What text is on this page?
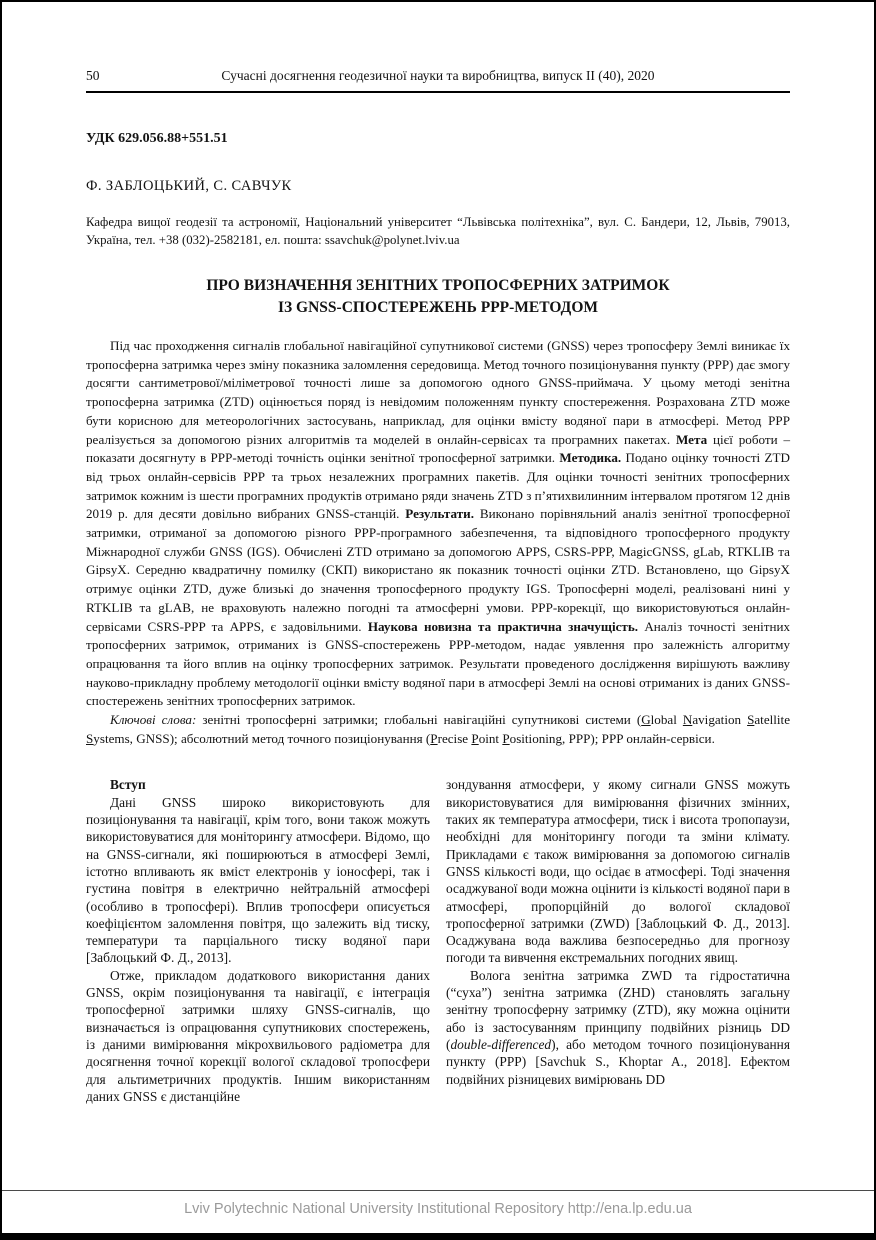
50	Сучасні досягнення геодезичної науки та виробництва, випуск ІІ (40), 2020
УДК 629.056.88+551.51
Ф. ЗАБЛОЦЬКИЙ, С. САВЧУК
Кафедра вищої геодезії та астрономії, Національний університет “Львівська політехніка”, вул. С. Бандери, 12, Львів, 79013, Україна, тел. +38 (032)-2582181, ел. пошта: ssavchuk@polynet.lviv.ua
ПРО ВИЗНАЧЕННЯ ЗЕНІТНИХ ТРОПОСФЕРНИХ ЗАТРИМОК
ІЗ GNSS-СПОСТЕРЕЖЕНЬ PPP-МЕТОДОМ

Під час проходження сигналів глобальної навігаційної супутникової системи (GNSS) через тропосферу Землі виникає їх тропосферна затримка через зміну показника заломлення середовища. Метод точного позиціонування пункту (PPP) дає змогу досягти сантиметрової/міліметрової точності лише за допомогою одного GNSS-приймача. У цьому методі зенітна тропосферна затримка (ZTD) оцінюється поряд із невідомим положенням пункту спостереження. Розрахована ZTD може бути корисною для метеорологічних застосувань, наприклад, для оцінки вмісту водяної пари в атмосфері. Метод PPP реалізується за допомогою різних алгоритмів та моделей в онлайн-сервісах та програмних пакетах. Мета цієї роботи – показати досягнуту в PPP-методі точність оцінки зенітної тропосферної затримки. Методика. Подано оцінку точності ZTD від трьох онлайн-сервісів PPP та трьох незалежних програмних пакетів. Для оцінки точності зенітних тропосферних затримок кожним із шести програмних продуктів отримано ряди значень ZTD з п’ятихвилинним інтервалом протягом 12 днів 2019 р. для десяти довільно вибраних GNSS-станцій. Результати. Виконано порівняльний аналіз зенітної тропосферної затримки, отриманої за допомогою різного PPP-програмного забезпечення, та відповідного тропосферного продукту Міжнародної служби GNSS (IGS). Обчислені ZTD отримано за допомогою APPS, CSRS-PPP, MagicGNSS, gLab, RTKLIB та GipsyX. Середню квадратичну помилку (СКП) використано як показник точності оцінки ZTD. Встановлено, що GipsyX отримує оцінки ZTD, дуже близькі до значення тропосферного продукту IGS. Тропосферні моделі, реалізовані нині у RTKLIB та gLAB, не враховують належно погодні та атмосферні умови. PPP-корекції, що використовуються онлайн-сервісами CSRS-PPP та APPS, є задовільними. Наукова новизна та практична значущість. Аналіз точності зенітних тропосферних затримок, отриманих із GNSS-спостережень PPP-методом, надає уявлення про залежність алгоритму опрацювання та його вплив на оцінку тропосферних затримок. Результати проведеного дослідження вирішують важливу науково-прикладну проблему методології оцінки вмісту водяної пари в атмосфері Землі на основі отриманих із даних GNSS-спостережень зенітних тропосферних затримок.

Ключові слова: зенітні тропосферні затримки; глобальні навігаційні супутникові системи (Global Navigation Satellite Systems, GNSS); абсолютний метод точного позиціонування (Precise Point Positioning, PPP); PPP онлайн-сервіси.

Вступ

Дані GNSS широко використовують для позиціонування та навігації, крім того, вони також можуть використовуватися для моніторингу атмосфери. Відомо, що на GNSS-сигнали, які поширюються в атмосфері Землі, істотно впливають як вміст електронів у іоносфері, так і густина повітря в електрично нейтральній атмосфері (особливо в тропосфері). Вплив тропосфери описується коефіцієнтом заломлення повітря, що залежить від тиску, температури та парціального тиску водяної пари [Заблоцький Ф. Д., 2013].

Отже, прикладом додаткового використання даних GNSS, окрім позиціонування та навігації, є інтеграція тропосферної затримки шляху GNSS-сигналів, що визначається із опрацювання супутникових спостережень, із даними вимірювання мікрохвильового радіометра для досягнення точної корекції вологої складової тропосфери для альтиметричних продуктів. Іншим використанням даних GNSS є дистанційне

зондування атмосфери, у якому сигнали GNSS можуть використовуватися для вимірювання фізичних змінних, таких як температура атмосфери, тиск і висота тропопаузи, необхідні для моніторингу погоди та зміни клімату. Прикладами є також вимірювання за допомогою сигналів GNSS кількості води, що осідає в атмосфері. Тоді значення осаджуваної води можна оцінити із кількості водяної пари в атмосфері, пропорційній до вологої складової тропосферної затримки (ZWD) [Заблоцький Ф. Д., 2013]. Осаджувана вода важлива безпосередньо для прогнозу погоди та вивчення екстремальних погодних явищ.

Волога зенітна затримка ZWD та гідростатична (“суха”) зенітна затримка (ZHD) становлять загальну зенітну тропосферну затримку (ZTD), яку можна оцінити або із застосуванням принципу подвійних різниць DD (double-differenced), або методом точного позиціонування пункту (PPP) [Savchuk S., Khoptar A., 2018]. Ефектом подвійних різницевих вимірювань DD

Lviv Polytechnic National University Institutional Repository http://ena.lp.edu.ua
